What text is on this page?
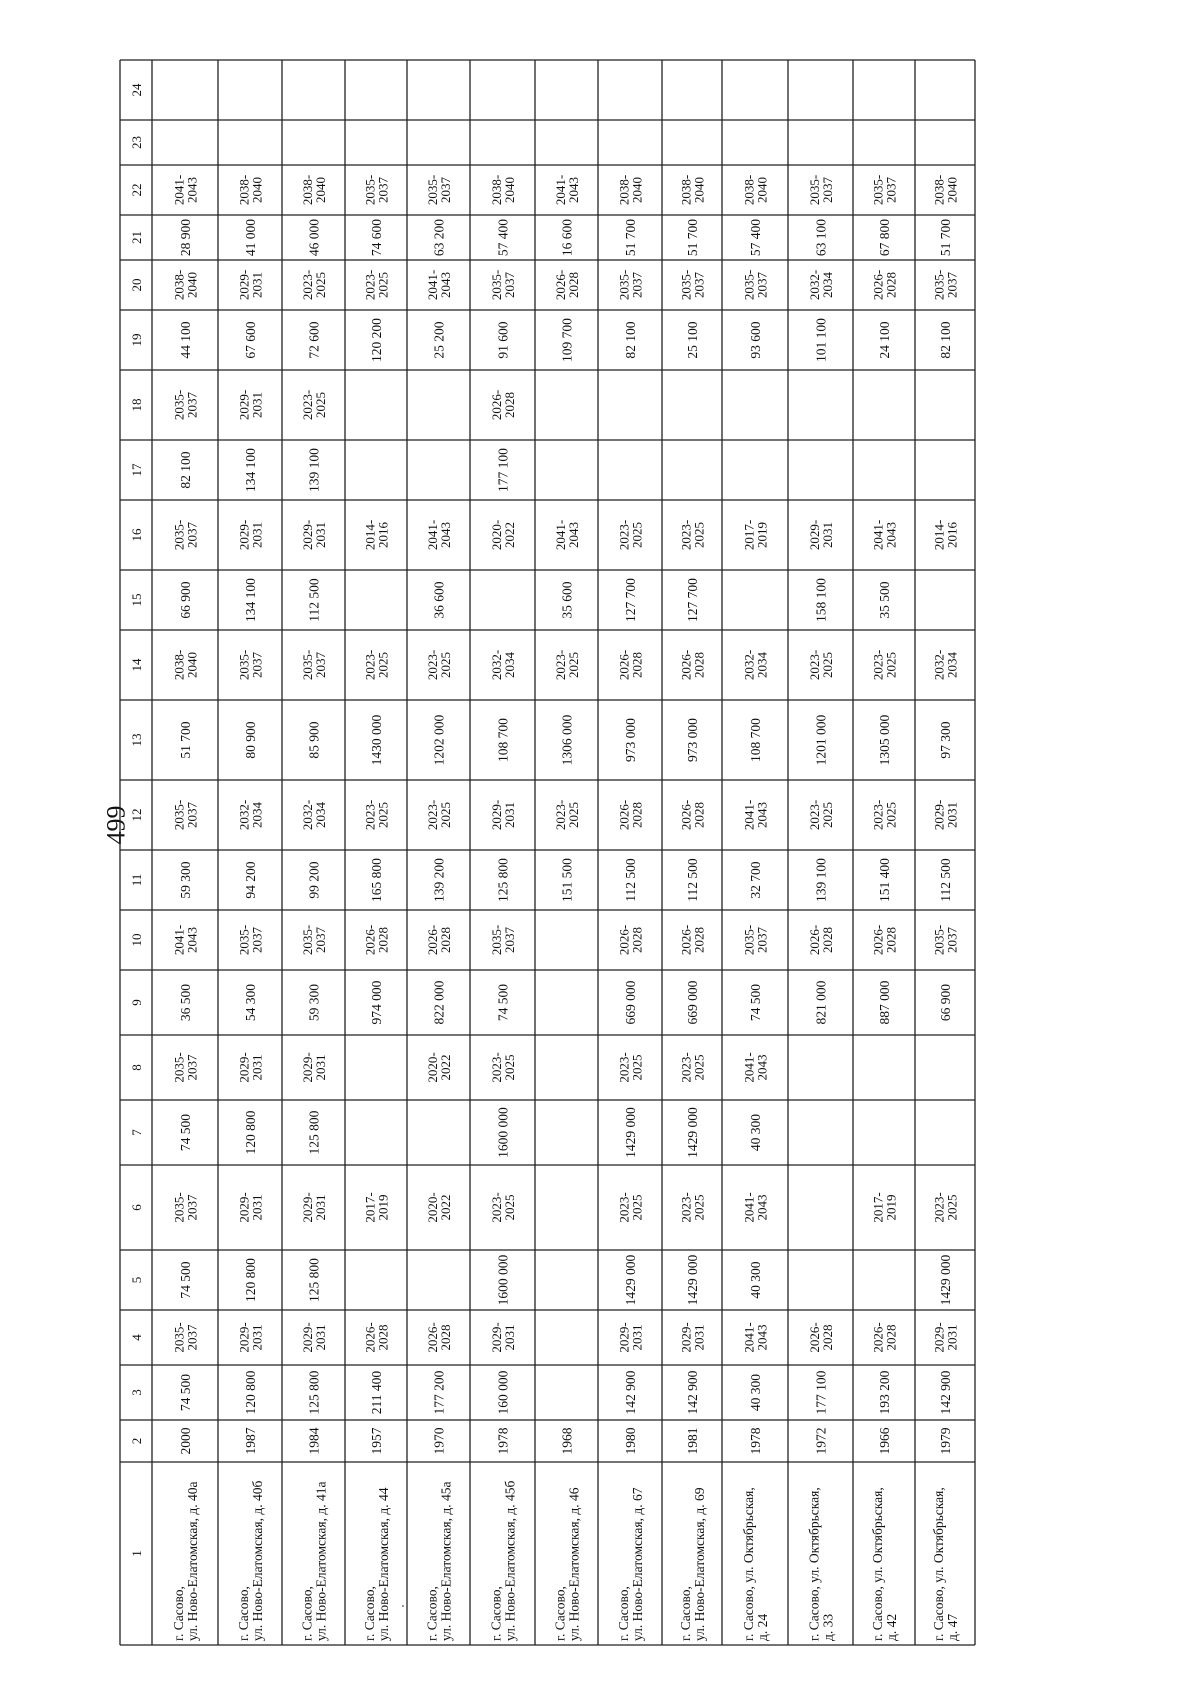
499
1
2
3
4
5
6
7
8
9
10
11
12
13
14
15
16
17
18
19
20
21
22
23
24
г. Сасово,ул. Ново-Елатомская, д. 40а
2000
74 500
2035-2037
74 500
2035-2037
74 500
2035-2037
36 500
2041-2043
59 300
2035-2037
51 700
2038-2040
66 900
2035-2037
82 100
2035-2037
44 100
2038-2040
28 900
2041-2043
г. Сасово,ул. Ново-Елатомская, д. 40б
1987
120 800
2029-2031
120 800
2029-2031
120 800
2029-2031
54 300
2035-2037
94 200
2032-2034
80 900
2035-2037
134 100
2029-2031
134 100
2029-2031
67 600
2029-2031
41 000
2038-2040
г. Сасово,ул. Ново-Елатомская, д. 41а
1984
125 800
2029-2031
125 800
2029-2031
125 800
2029-2031
59 300
2035-2037
99 200
2032-2034
85 900
2035-2037
112 500
2029-2031
139 100
2023-2025
72 600
2023-2025
46 000
2038-2040
г. Сасово,ул. Ново-Елатомская, д. 44
1957
211 400
2026-2028
2017-2019
974 000
2026-2028
165 800
2023-2025
1430 000
2023-2025
2014-2016
120 200
2023-2025
74 600
2035-2037
г. Сасово,ул. Ново-Елатомская, д. 45а
1970
177 200
2026-2028
2020-2022
2020-2022
822 000
2026-2028
139 200
2023-2025
1202 000
2023-2025
36 600
2041-2043
25 200
2041-2043
63 200
2035-2037
г. Сасово,ул. Ново-Елатомская, д. 45б
1978
160 000
2029-2031
1600 000
2023-2025
1600 000
2023-2025
74 500
2035-2037
125 800
2029-2031
108 700
2032-2034
2020-2022
177 100
2026-2028
91 600
2035-2037
57 400
2038-2040
г. Сасово,ул. Ново-Елатомская, д. 46
1968
151 500
2023-2025
1306 000
2023-2025
35 600
2041-2043
109 700
2026-2028
16 600
2041-2043
г. Сасово,ул. Ново-Елатомская, д. 67
1980
142 900
2029-2031
1429 000
2023-2025
1429 000
2023-2025
669 000
2026-2028
112 500
2026-2028
973 000
2026-2028
127 700
2023-2025
82 100
2035-2037
51 700
2038-2040
г. Сасово,ул. Ново-Елатомская, д. 69
1981
142 900
2029-2031
1429 000
2023-2025
1429 000
2023-2025
669 000
2026-2028
112 500
2026-2028
973 000
2026-2028
127 700
2023-2025
25 100
2035-2037
51 700
2038-2040
г. Сасово, ул. Октябрьская,д. 24
1978
40 300
2041-2043
40 300
2041-2043
40 300
2041-2043
74 500
2035-2037
32 700
2041-2043
108 700
2032-2034
2017-2019
93 600
2035-2037
57 400
2038-2040
г. Сасово, ул. Октябрьская,д. 33
1972
177 100
2026-2028
821 000
2026-2028
139 100
2023-2025
1201 000
2023-2025
158 100
2029-2031
101 100
2032-2034
63 100
2035-2037
г. Сасово, ул. Октябрьская,д. 42
1966
193 200
2026-2028
2017-2019
887 000
2026-2028
151 400
2023-2025
1305 000
2023-2025
35 500
2041-2043
24 100
2026-2028
67 800
2035-2037
г. Сасово, ул. Октябрьская,д. 47
1979
142 900
2029-2031
1429 000
2023-2025
66 900
2035-2037
112 500
2029-2031
97 300
2032-2034
2014-2016
82 100
2035-2037
51 700
2038-2040
